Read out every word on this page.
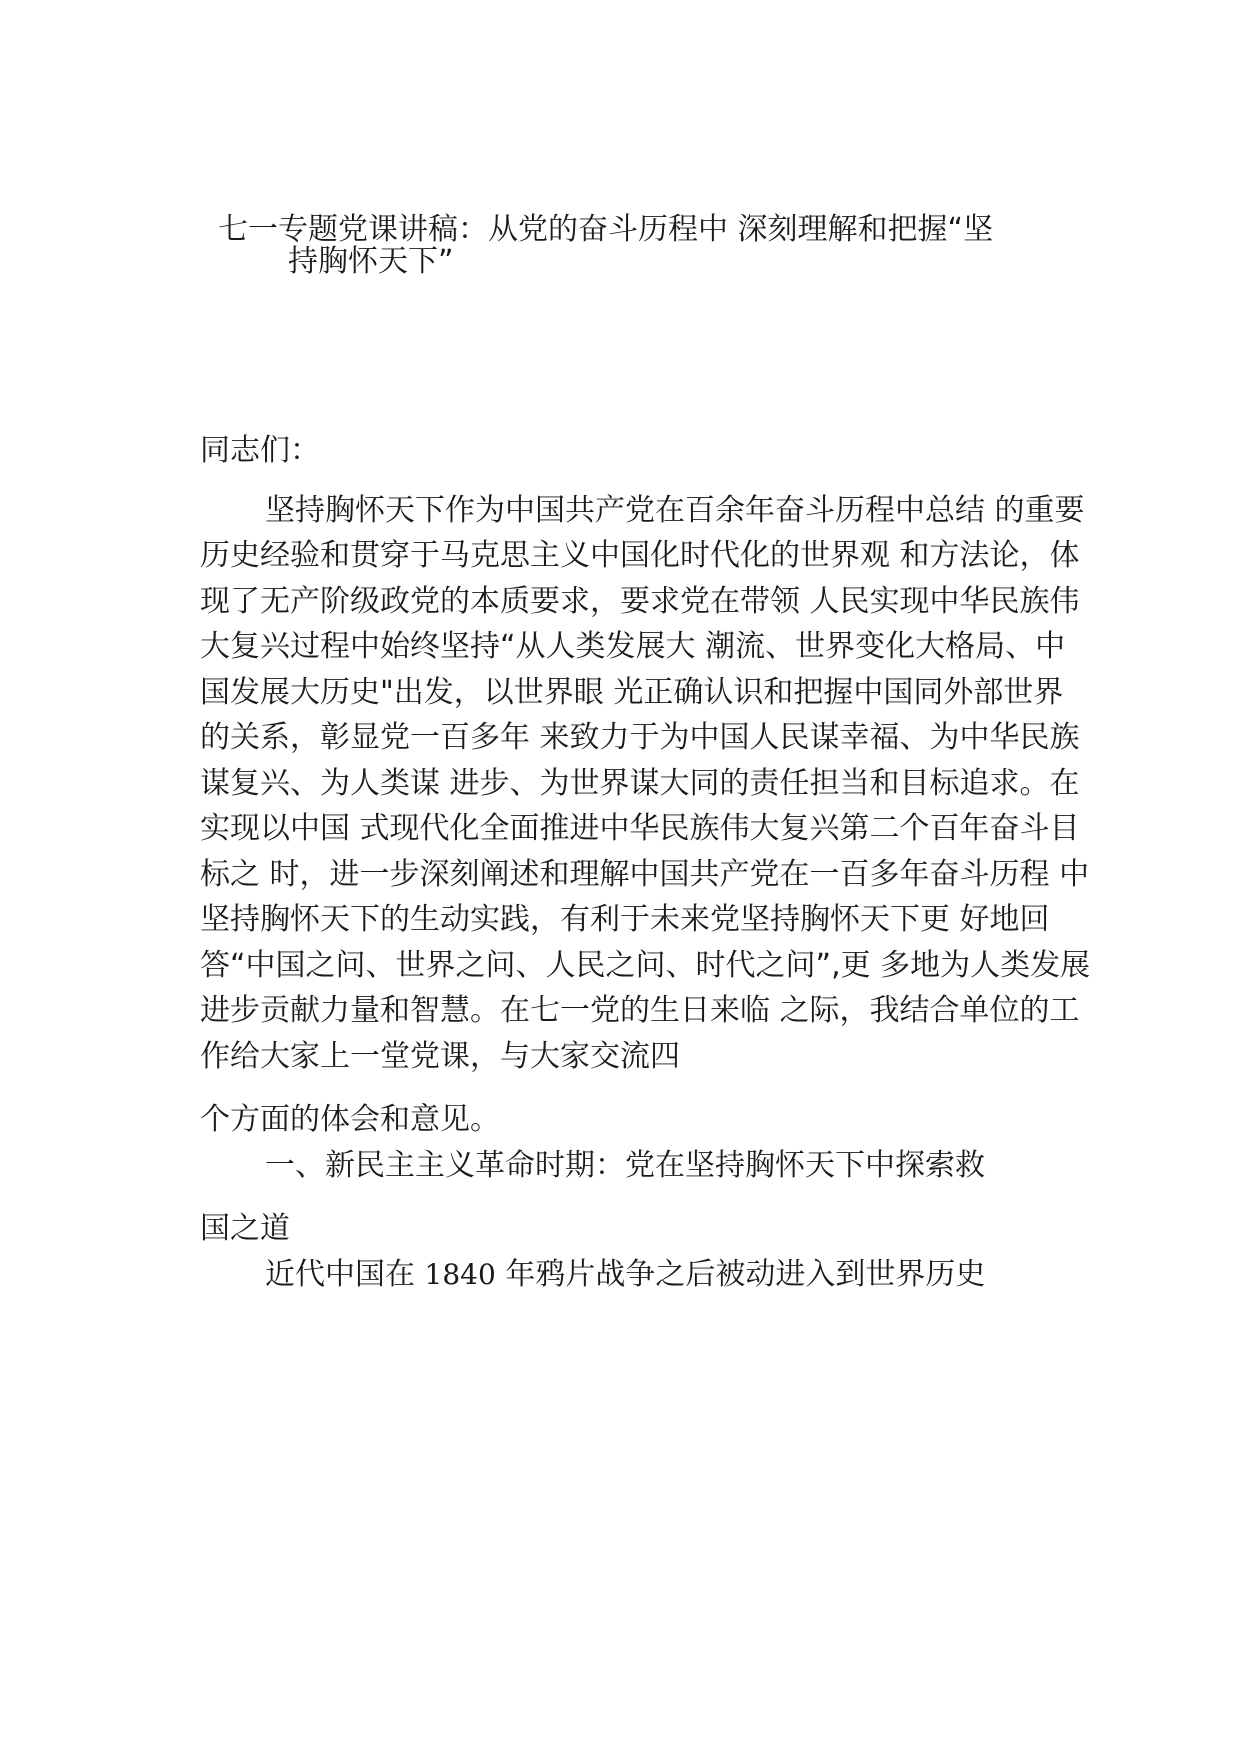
七一专题党课讲稿：从党的奋斗历程中 深刻理解和把握“坚
持胸怀天下”
同志们：
坚持胸怀天下作为中国共产党在百余年奋斗历程中总结 的重要
历史经验和贯穿于马克思主义中国化时代化的世界观 和方法论，体
现了无产阶级政党的本质要求，要求党在带领 人民实现中华民族伟
大复兴过程中始终坚持“从人类发展大 潮流、世界变化大格局、中
国发展大历史"出发，以世界眼 光正确认识和把握中国同外部世界
的关系，彰显党一百多年 来致力于为中国人民谋幸福、为中华民族
谋复兴、为人类谋 进步、为世界谋大同的责任担当和目标追求。在
实现以中国 式现代化全面推进中华民族伟大复兴第二个百年奋斗目
标之 时，进一步深刻阐述和理解中国共产党在一百多年奋斗历程 中
坚持胸怀天下的生动实践，有利于未来党坚持胸怀天下更 好地回
答“中国之问、世界之问、人民之问、时代之问”,更 多地为人类发展
进步贡献力量和智慧。在七一党的生日来临 之际，我结合单位的工
作给大家上一堂党课，与大家交流四
个方面的体会和意见。
一、新民主主义革命时期：党在坚持胸怀天下中探索救
国之道
近代中国在 1840 年鸦片战争之后被动进入到世界历史
